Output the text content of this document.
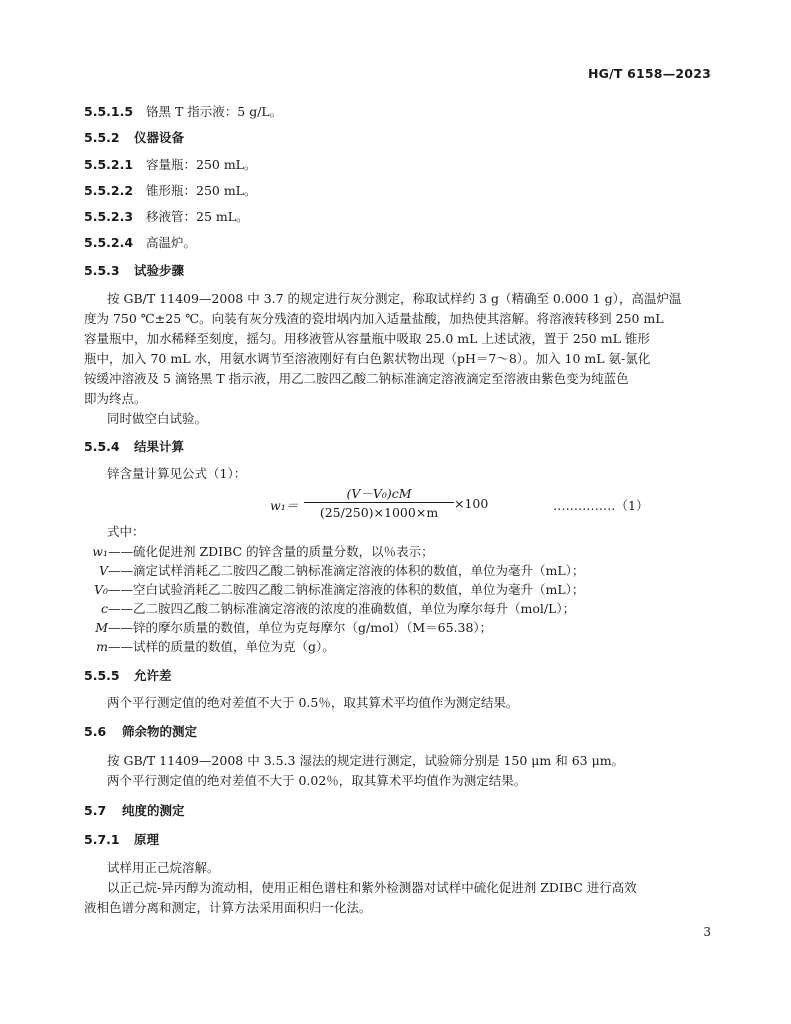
HG/T 6158—2023
5.5.1.5 铬黑 T 指示液：5 g/L。
5.5.2 仪器设备
5.5.2.1 容量瓶：250 mL。
5.5.2.2 锥形瓶：250 mL。
5.5.2.3 移液管：25 mL。
5.5.2.4 高温炉。
5.5.3 试验步骤
按 GB/T 11409—2008 中 3.7 的规定进行灰分测定，称取试样约 3 g（精确至 0.000 1 g），高温炉温
度为 750 ℃±25 ℃。向装有灰分残渣的瓷坩埚内加入适量盐酸，加热使其溶解。将溶液转移到 250 mL
容量瓶中，加水稀释至刻度，摇匀。用移液管从容量瓶中吸取 25.0 mL 上述试液，置于 250 mL 锥形
瓶中，加入 70 mL 水，用氨水调节至溶液刚好有白色絮状物出现（pH＝7～8）。加入 10 mL 氨-氯化
铵缓冲溶液及 5 滴铬黑 T 指示液，用乙二胺四乙酸二钠标准滴定溶液滴定至溶液由紫色变为纯蓝色
即为终点。
同时做空白试验。
5.5.4 结果计算
锌含量计算见公式（1）：
w₁＝
(V－V₀)cM
(25/250)×1000×m
×100	……………（1）
式中：
w₁——硫化促进剂 ZDIBC 的锌含量的质量分数，以％表示；
V——滴定试样消耗乙二胺四乙酸二钠标准滴定溶液的体积的数值，单位为毫升（mL）；
V₀——空白试验消耗乙二胺四乙酸二钠标准滴定溶液的体积的数值，单位为毫升（mL）；
c——乙二胺四乙酸二钠标准滴定溶液的浓度的准确数值，单位为摩尔每升（mol/L）；
M——锌的摩尔质量的数值，单位为克每摩尔（g/mol）（M＝65.38）；
m——试样的质量的数值，单位为克（g）。
5.5.5 允许差
两个平行测定值的绝对差值不大于 0.5％，取其算术平均值作为测定结果。
5.6 筛余物的测定
按 GB/T 11409—2008 中 3.5.3 湿法的规定进行测定，试验筛分别是 150 μm 和 63 μm。
两个平行测定值的绝对差值不大于 0.02％，取其算术平均值作为测定结果。
5.7 纯度的测定
5.7.1 原理
试样用正己烷溶解。
以正己烷-异丙醇为流动相，使用正相色谱柱和紫外检测器对试样中硫化促进剂 ZDIBC 进行高效
液相色谱分离和测定，计算方法采用面积归一化法。
3
